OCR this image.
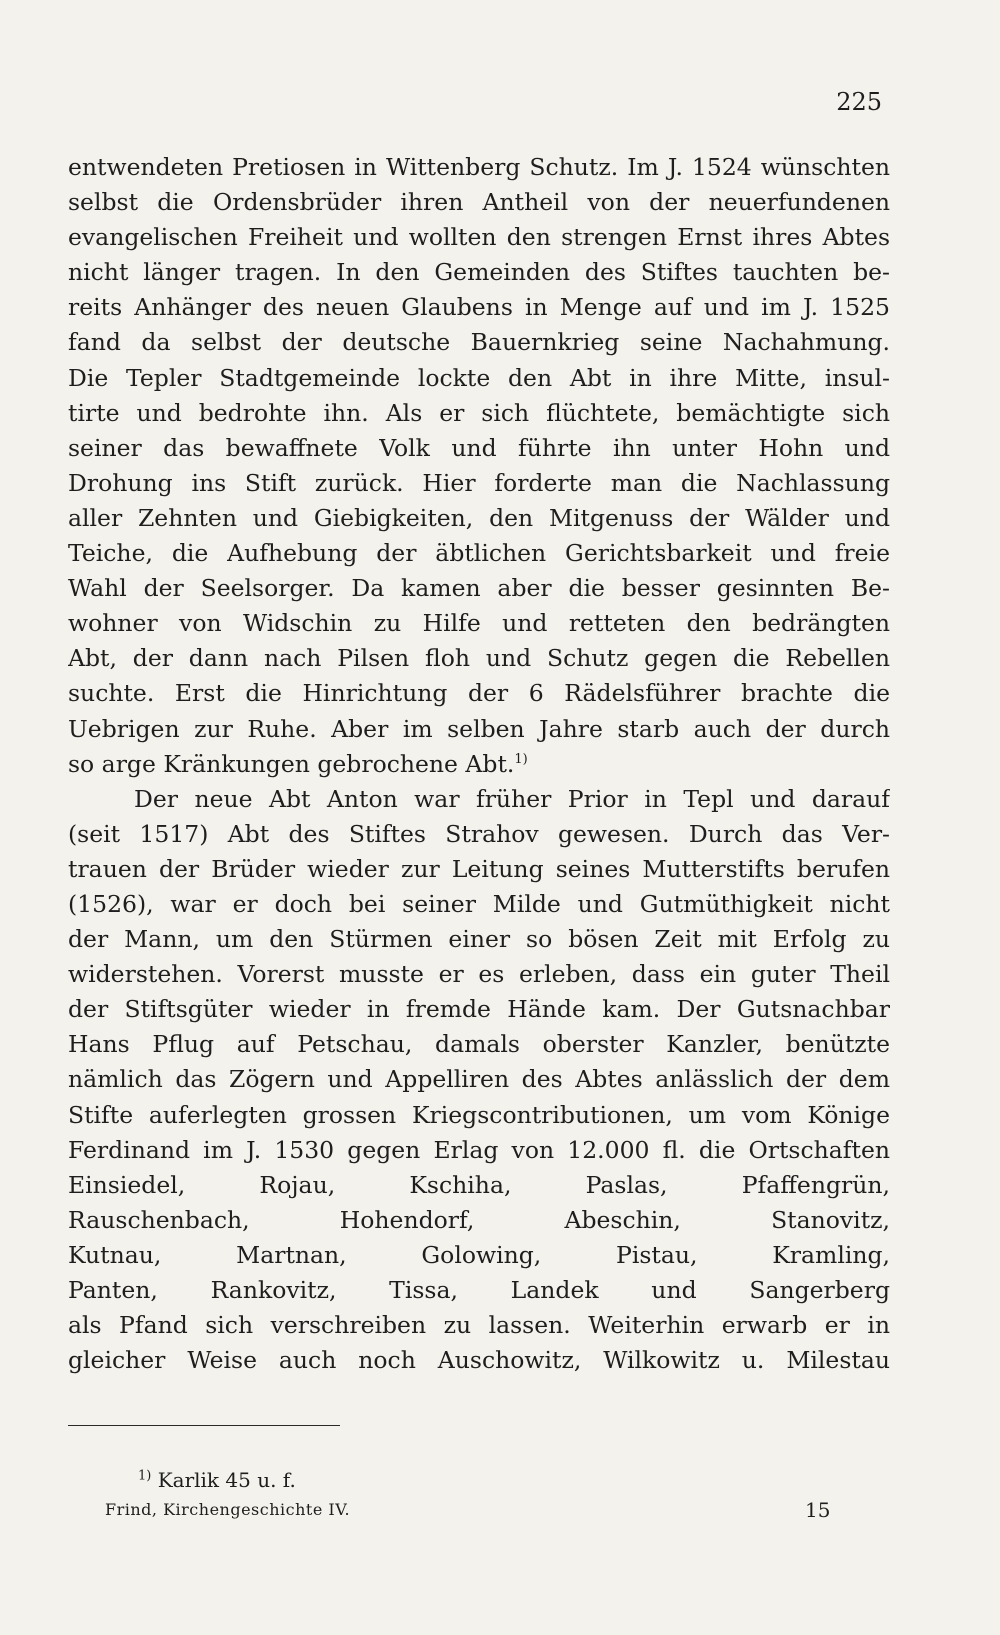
225
entwendeten Pretiosen in Wittenberg Schutz. Im J. 1524 wünschten
selbst die Ordensbrüder ihren Antheil von der neuerfundenen
evangelischen Freiheit und wollten den strengen Ernst ihres Abtes
nicht länger tragen. In den Gemeinden des Stiftes tauchten be-
reits Anhänger des neuen Glaubens in Menge auf und im J. 1525
fand da selbst der deutsche Bauernkrieg seine Nachahmung.
Die Tepler Stadtgemeinde lockte den Abt in ihre Mitte, insul-
tirte und bedrohte ihn. Als er sich flüchtete, bemächtigte sich
seiner das bewaffnete Volk und führte ihn unter Hohn und
Drohung ins Stift zurück. Hier forderte man die Nachlassung
aller Zehnten und Giebigkeiten, den Mitgenuss der Wälder und
Teiche, die Aufhebung der äbtlichen Gerichtsbarkeit und freie
Wahl der Seelsorger. Da kamen aber die besser gesinnten Be-
wohner von Widschin zu Hilfe und retteten den bedrängten
Abt, der dann nach Pilsen floh und Schutz gegen die Rebellen
suchte. Erst die Hinrichtung der 6 Rädelsführer brachte die
Uebrigen zur Ruhe. Aber im selben Jahre starb auch der durch
so arge Kränkungen gebrochene Abt.$^{1)}$
Der neue Abt Anton war früher Prior in Tepl und darauf
(seit 1517) Abt des Stiftes Strahov gewesen. Durch das Ver-
trauen der Brüder wieder zur Leitung seines Mutterstifts berufen
(1526), war er doch bei seiner Milde und Gutmüthigkeit nicht
der Mann, um den Stürmen einer so bösen Zeit mit Erfolg zu
widerstehen. Vorerst musste er es erleben, dass ein guter Theil
der Stiftsgüter wieder in fremde Hände kam. Der Gutsnachbar
Hans Pflug auf Petschau, damals oberster Kanzler, benützte
nämlich das Zögern und Appelliren des Abtes anlässlich der dem
Stifte auferlegten grossen Kriegscontributionen, um vom Könige
Ferdinand im J. 1530 gegen Erlag von 12.000 fl. die Ortschaften
Einsiedel, Rojau, Kschiha, Paslas, Pfaffengrün,
Rauschenbach, Hohendorf, Abeschin, Stanovitz,
Kutnau, Martnan, Golowing, Pistau, Kramling,
Panten, Rankovitz, Tissa, Landek und Sangerberg
als Pfand sich verschreiben zu lassen. Weiterhin erwarb er in
gleicher Weise auch noch Auschowitz, Wilkowitz u. Milestau
$^{1)}$ Karlik 45 u. f.
Frind, Kirchengeschichte IV.	15
